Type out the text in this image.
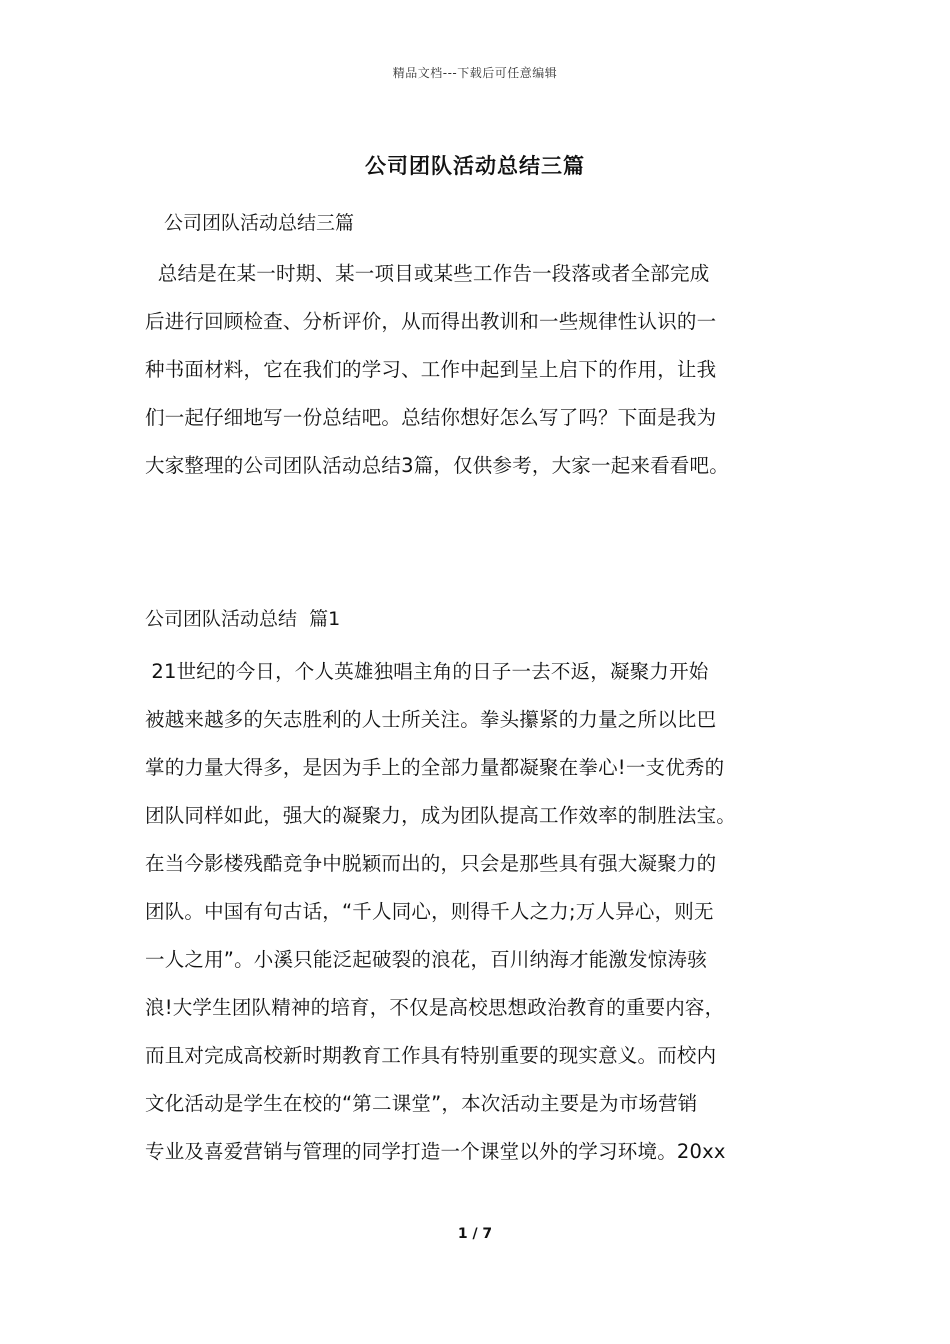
精品文档---下载后可任意编辑
公司团队活动总结三篇
公司团队活动总结三篇
总结是在某一时期、某一项目或某些工作告一段落或者全部完成
后进行回顾检查、分析评价，从而得出教训和一些规律性认识的一
种书面材料，它在我们的学习、工作中起到呈上启下的作用，让我
们一起仔细地写一份总结吧。总结你想好怎么写了吗？下面是我为
大家整理的公司团队活动总结3篇，仅供参考，大家一起来看看吧。
公司团队活动总结  篇1
21世纪的今日，个人英雄独唱主角的日子一去不返，凝聚力开始
被越来越多的矢志胜利的人士所关注。拳头攥紧的力量之所以比巴
掌的力量大得多，是因为手上的全部力量都凝聚在拳心!一支优秀的
团队同样如此，强大的凝聚力，成为团队提高工作效率的制胜法宝。
在当今影楼残酷竞争中脱颖而出的，只会是那些具有强大凝聚力的
团队。中国有句古话，“千人同心，则得千人之力;万人异心，则无
一人之用”。小溪只能泛起破裂的浪花，百川纳海才能激发惊涛骇
浪!大学生团队精神的培育，不仅是高校思想政治教育的重要内容，
而且对完成高校新时期教育工作具有特别重要的现实意义。而校内
文化活动是学生在校的“第二课堂”，本次活动主要是为市场营销
专业及喜爱营销与管理的同学打造一个课堂以外的学习环境。20xx
1 / 7
